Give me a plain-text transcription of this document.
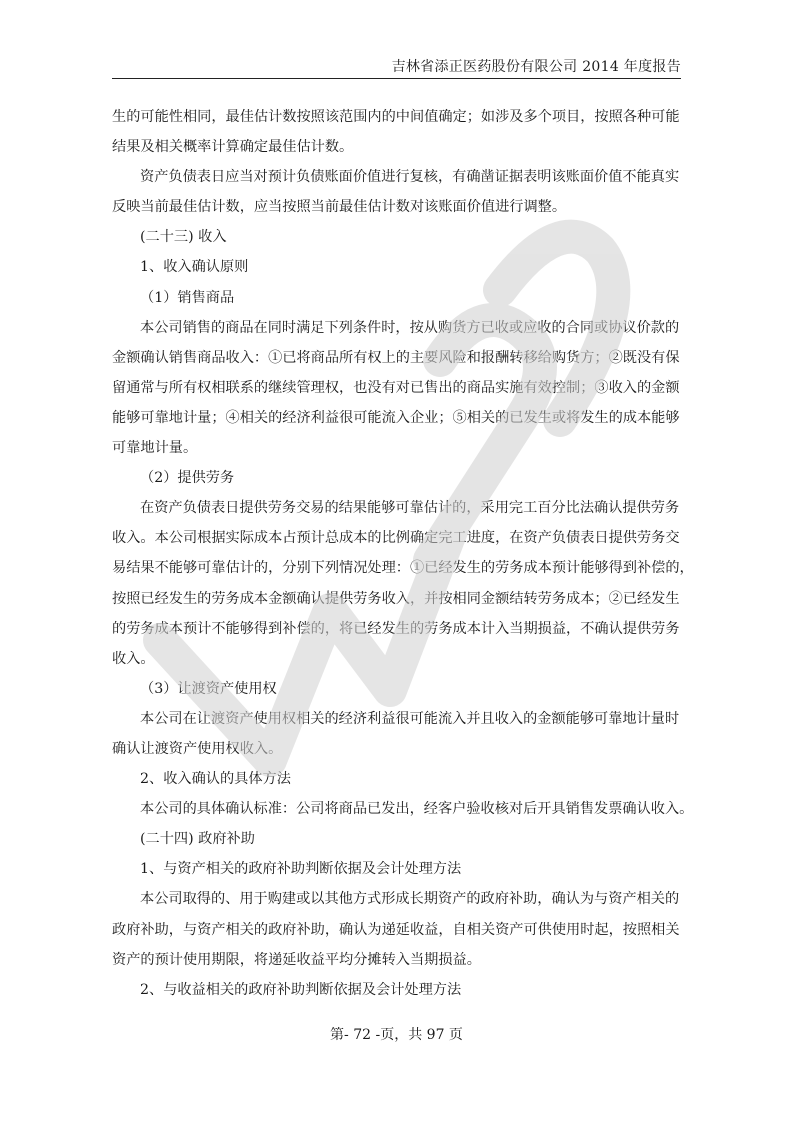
吉林省添正医药股份有限公司 2014 年度报告
生的可能性相同，最佳估计数按照该范围内的中间值确定；如涉及多个项目，按照各种可能
结果及相关概率计算确定最佳估计数。
资产负债表日应当对预计负债账面价值进行复核，有确凿证据表明该账面价值不能真实
反映当前最佳估计数，应当按照当前最佳估计数对该账面价值进行调整。
(二十三) 收入
1、收入确认原则
（1）销售商品
本公司销售的商品在同时满足下列条件时，按从购货方已收或应收的合同或协议价款的
金额确认销售商品收入：①已将商品所有权上的主要风险和报酬转移给购货方；②既没有保
留通常与所有权相联系的继续管理权，也没有对已售出的商品实施有效控制；③收入的金额
能够可靠地计量；④相关的经济利益很可能流入企业；⑤相关的已发生或将发生的成本能够
可靠地计量。
（2）提供劳务
在资产负债表日提供劳务交易的结果能够可靠估计的，采用完工百分比法确认提供劳务
收入。本公司根据实际成本占预计总成本的比例确定完工进度，在资产负债表日提供劳务交
易结果不能够可靠估计的，分别下列情况处理：①已经发生的劳务成本预计能够得到补偿的，
按照已经发生的劳务成本金额确认提供劳务收入，并按相同金额结转劳务成本；②已经发生
的劳务成本预计不能够得到补偿的，将已经发生的劳务成本计入当期损益，不确认提供劳务
收入。
（3）让渡资产使用权
本公司在让渡资产使用权相关的经济利益很可能流入并且收入的金额能够可靠地计量时
确认让渡资产使用权收入。
2、收入确认的具体方法
本公司的具体确认标准：公司将商品已发出，经客户验收核对后开具销售发票确认收入。
(二十四) 政府补助
1、与资产相关的政府补助判断依据及会计处理方法
本公司取得的、用于购建或以其他方式形成长期资产的政府补助，确认为与资产相关的
政府补助，与资产相关的政府补助，确认为递延收益，自相关资产可供使用时起，按照相关
资产的预计使用期限，将递延收益平均分摊转入当期损益。
2、与收益相关的政府补助判断依据及会计处理方法
第- 72 -页，共 97 页
